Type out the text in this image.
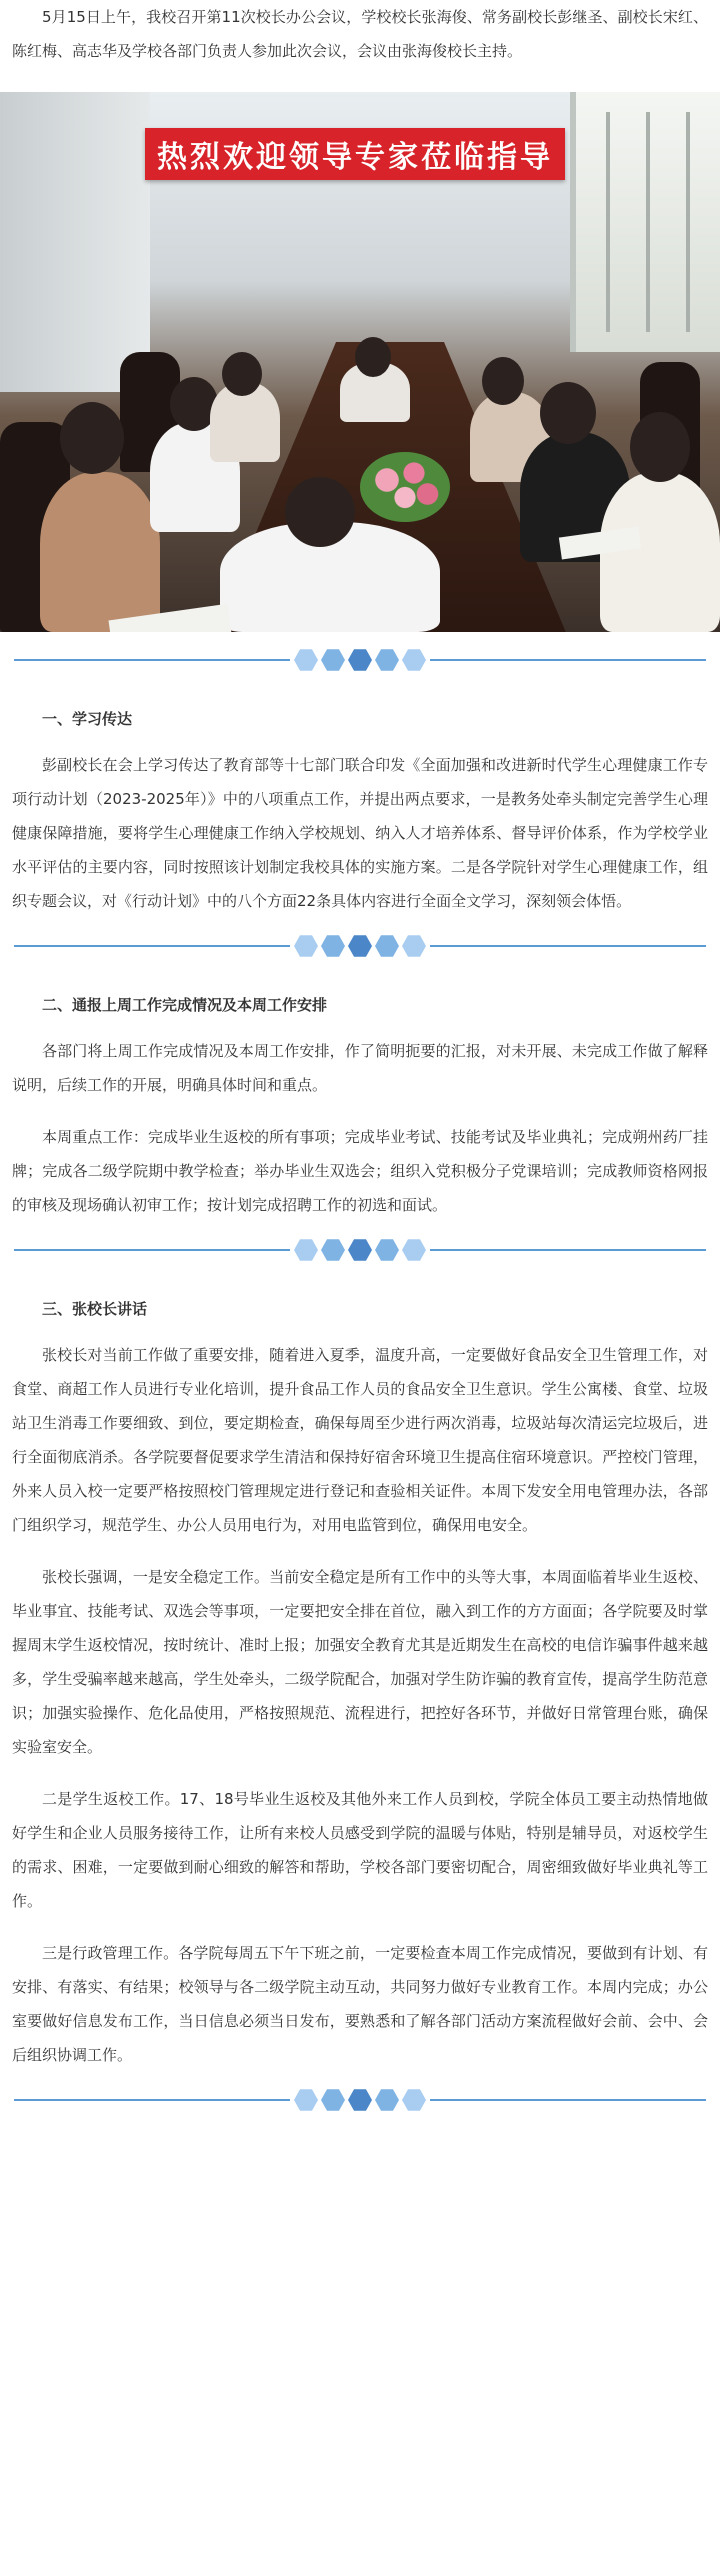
5月15日上午，我校召开第11次校长办公会议，学校校长张海俊、常务副校长彭继圣、副校长宋红、陈红梅、高志华及学校各部门负责人参加此次会议，会议由张海俊校长主持。

热烈欢迎领导专家莅临指导
一、学习传达

彭副校长在会上学习传达了教育部等十七部门联合印发《全面加强和改进新时代学生心理健康工作专项行动计划（2023-2025年）》中的八项重点工作，并提出两点要求，一是教务处牵头制定完善学生心理健康保障措施，要将学生心理健康工作纳入学校规划、纳入人才培养体系、督导评价体系，作为学校学业水平评估的主要内容，同时按照该计划制定我校具体的实施方案。二是各学院针对学生心理健康工作，组织专题会议，对《行动计划》中的八个方面22条具体内容进行全面全文学习，深刻领会体悟。

二、通报上周工作完成情况及本周工作安排

各部门将上周工作完成情况及本周工作安排，作了简明扼要的汇报，对未开展、未完成工作做了解释说明，后续工作的开展，明确具体时间和重点。

本周重点工作：完成毕业生返校的所有事项；完成毕业考试、技能考试及毕业典礼；完成朔州药厂挂牌；完成各二级学院期中教学检查；举办毕业生双选会；组织入党积极分子党课培训；完成教师资格网报的审核及现场确认初审工作；按计划完成招聘工作的初选和面试。

三、张校长讲话

张校长对当前工作做了重要安排，随着进入夏季，温度升高，一定要做好食品安全卫生管理工作，对食堂、商超工作人员进行专业化培训，提升食品工作人员的食品安全卫生意识。学生公寓楼、食堂、垃圾站卫生消毒工作要细致、到位，要定期检查，确保每周至少进行两次消毒，垃圾站每次清运完垃圾后，进行全面彻底消杀。各学院要督促要求学生清洁和保持好宿舍环境卫生提高住宿环境意识。严控校门管理，外来人员入校一定要严格按照校门管理规定进行登记和查验相关证件。本周下发安全用电管理办法，各部门组织学习，规范学生、办公人员用电行为，对用电监管到位，确保用电安全。

张校长强调，一是安全稳定工作。当前安全稳定是所有工作中的头等大事，本周面临着毕业生返校、毕业事宜、技能考试、双选会等事项，一定要把安全排在首位，融入到工作的方方面面；各学院要及时掌握周末学生返校情况，按时统计、准时上报；加强安全教育尤其是近期发生在高校的电信诈骗事件越来越多，学生受骗率越来越高，学生处牵头，二级学院配合，加强对学生防诈骗的教育宣传，提高学生防范意识；加强实验操作、危化品使用，严格按照规范、流程进行，把控好各环节，并做好日常管理台账，确保实验室安全。

二是学生返校工作。17、18号毕业生返校及其他外来工作人员到校，学院全体员工要主动热情地做好学生和企业人员服务接待工作，让所有来校人员感受到学院的温暖与体贴，特别是辅导员，对返校学生的需求、困难，一定要做到耐心细致的解答和帮助，学校各部门要密切配合，周密细致做好毕业典礼等工作。

三是行政管理工作。各学院每周五下午下班之前，一定要检查本周工作完成情况，要做到有计划、有安排、有落实、有结果；校领导与各二级学院主动互动，共同努力做好专业教育工作。本周内完成；办公室要做好信息发布工作，当日信息必须当日发布，要熟悉和了解各部门活动方案流程做好会前、会中、会后组织协调工作。
